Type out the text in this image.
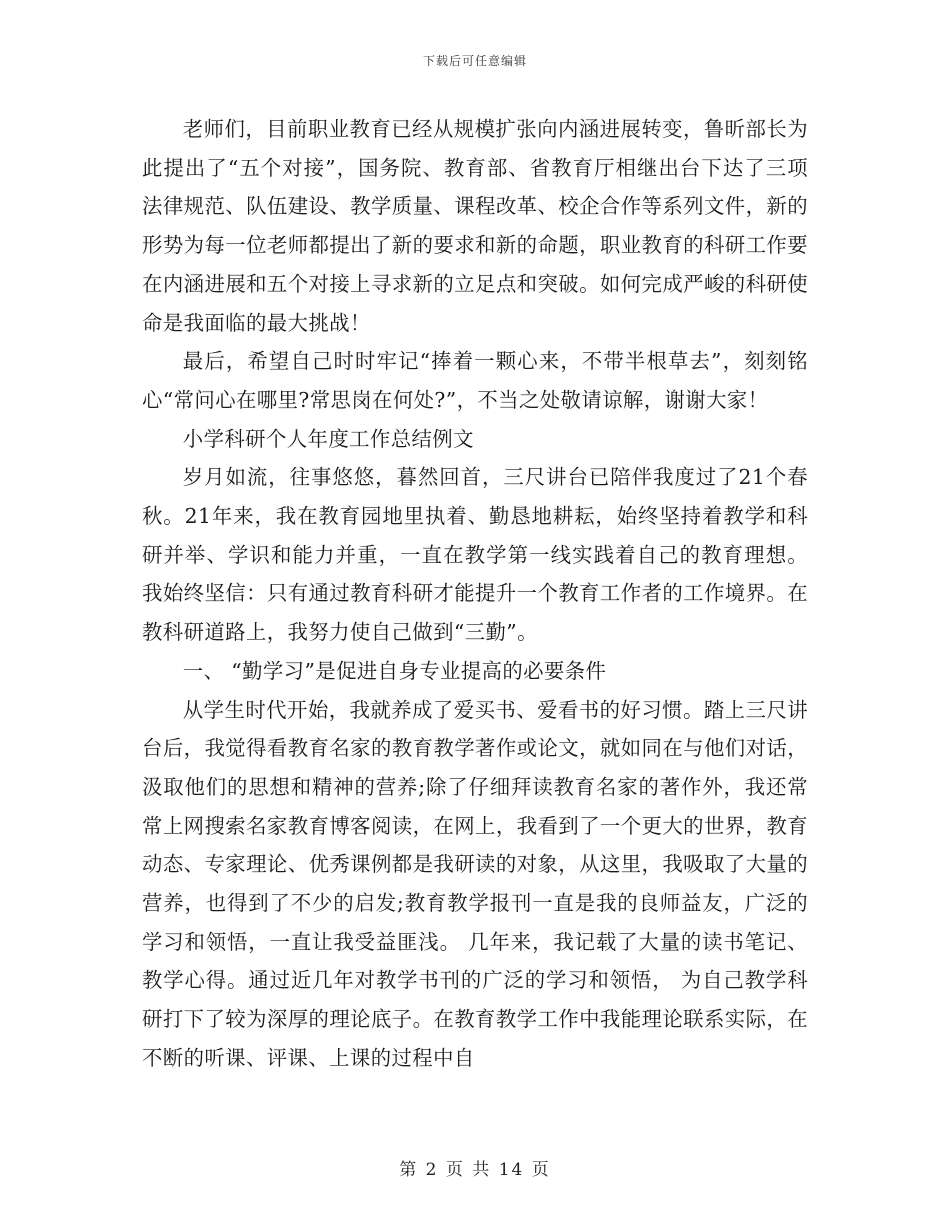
下载后可任意编辑

老师们，目前职业教育已经从规模扩张向内涵进展转变，鲁昕部长为此提出了“五个对接”，国务院、教育部、省教育厅相继出台下达了三项法律规范、队伍建设、教学质量、课程改革、校企合作等系列文件，新的形势为每一位老师都提出了新的要求和新的命题，职业教育的科研工作要在内涵进展和五个对接上寻求新的立足点和突破。如何完成严峻的科研使命是我面临的最大挑战！

最后，希望自己时时牢记“捧着一颗心来，不带半根草去”，刻刻铭心“常问心在哪里?常思岗在何处?”，不当之处敬请谅解，谢谢大家！

小学科研个人年度工作总结例文

岁月如流，往事悠悠，暮然回首，三尺讲台已陪伴我度过了21个春秋。21年来，我在教育园地里执着、勤恳地耕耘，始终坚持着教学和科研并举、学识和能力并重，一直在教学第一线实践着自己的教育理想。 我始终坚信：只有通过教育科研才能提升一个教育工作者的工作境界。在教科研道路上，我努力使自己做到“三勤”。

一、 “勤学习”是促进自身专业提高的必要条件

从学生时代开始，我就养成了爱买书、爱看书的好习惯。踏上三尺讲台后，我觉得看教育名家的教育教学著作或论文，就如同在与他们对话，汲取他们的思想和精神的营养;除了仔细拜读教育名家的著作外，我还常常上网搜索名家教育博客阅读，在网上，我看到了一个更大的世界，教育动态、专家理论、优秀课例都是我研读的对象，从这里，我吸取了大量的营养，也得到了不少的启发;教育教学报刊一直是我的良师益友，广泛的学习和领悟，一直让我受益匪浅。 几年来，我记载了大量的读书笔记、教学心得。通过近几年对教学书刊的广泛的学习和领悟， 为自己教学科研打下了较为深厚的理论底子。在教育教学工作中我能理论联系实际，在不断的听课、评课、上课的过程中自

第 2 页 共 14 页
